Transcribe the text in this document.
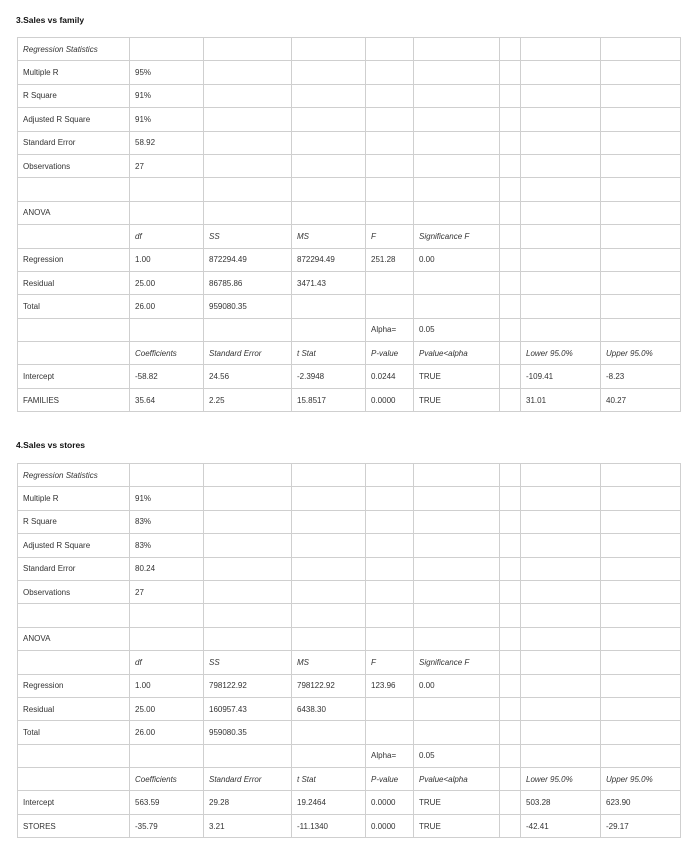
3.Sales vs family
Regression Statistics								
Multiple R	95%							
R Square	91%							
Adjusted R Square	91%							
Standard Error	58.92							
Observations	27							

ANOVA								
	df	SS	MS	F	Significance F			
Regression	1.00	872294.49	872294.49	251.28	0.00			
Residual	25.00	86785.86	3471.43					
Total	26.00	959080.35						
				Alpha=	0.05			
	Coefficients	Standard Error	t Stat	P-value	Pvalue<alpha		Lower 95.0%	Upper 95.0%
Intercept	-58.82	24.56	-2.3948	0.0244	TRUE		-109.41	-8.23
FAMILIES	35.64	2.25	15.8517	0.0000	TRUE		31.01	40.27
4.Sales vs stores
Regression Statistics								
Multiple R	91%							
R Square	83%							
Adjusted R Square	83%							
Standard Error	80.24							
Observations	27							

ANOVA								
	df	SS	MS	F	Significance F			
Regression	1.00	798122.92	798122.92	123.96	0.00			
Residual	25.00	160957.43	6438.30					
Total	26.00	959080.35						
				Alpha=	0.05			
	Coefficients	Standard Error	t Stat	P-value	Pvalue<alpha		Lower 95.0%	Upper 95.0%
Intercept	563.59	29.28	19.2464	0.0000	TRUE		503.28	623.90
STORES	-35.79	3.21	-11.1340	0.0000	TRUE		-42.41	-29.17
